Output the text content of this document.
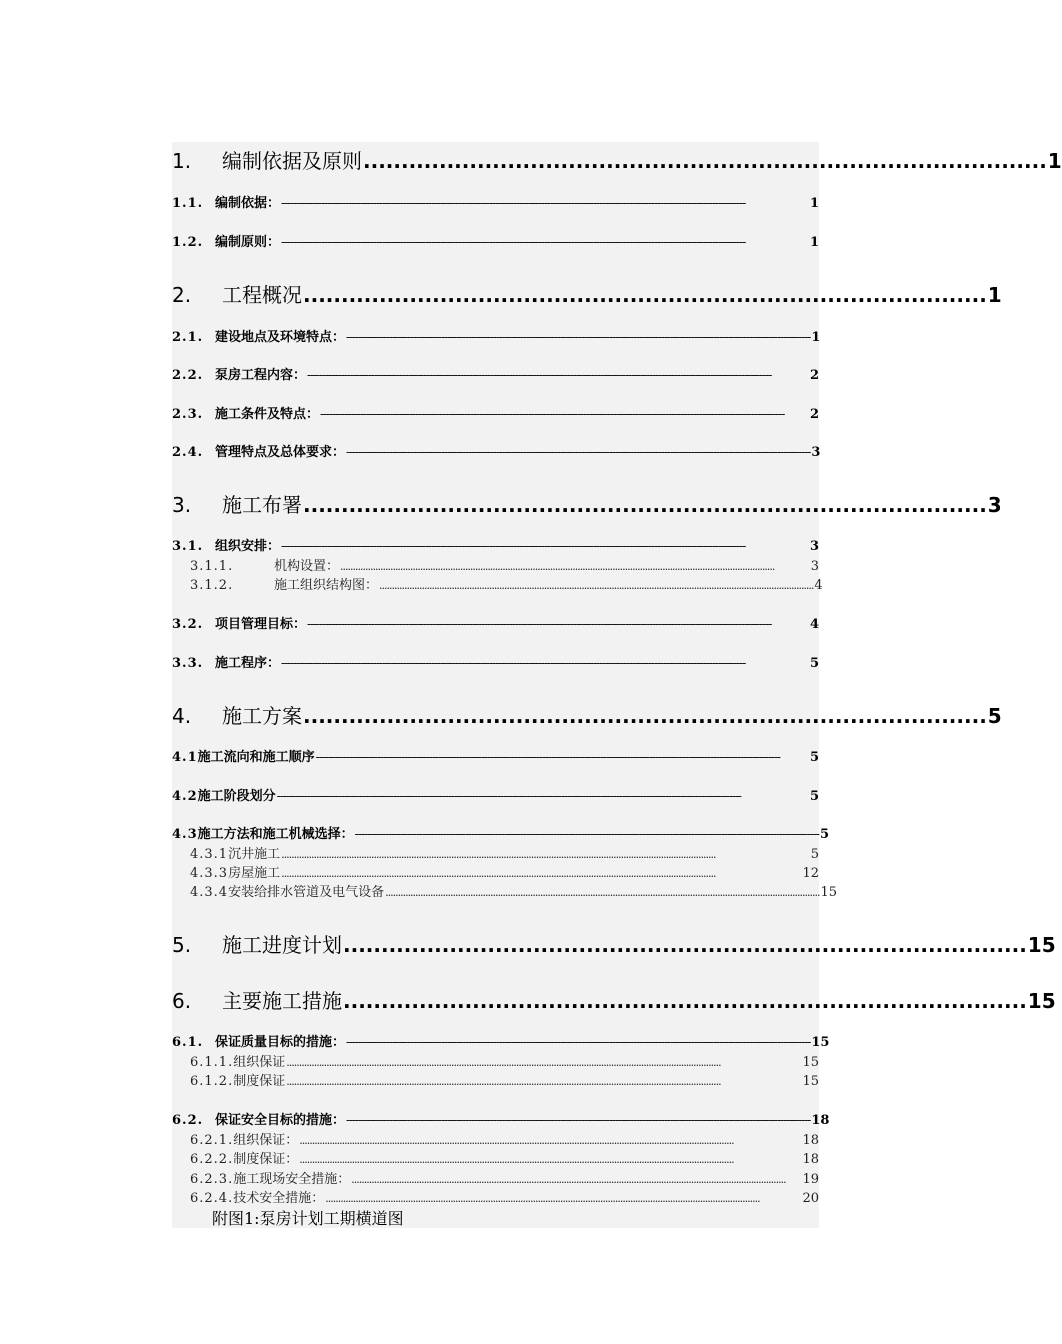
1.	编制依据及原则 .......................................................................................... 1
1.1. 编制依据： --------------------------------------------------------------------------------------------------------------------------------------------------------	1
1.2. 编制原则： --------------------------------------------------------------------------------------------------------------------------------------------------------	1
2.	工程概况 .......................................................................................... 1
2.1. 建设地点及环境特点： -------------------------------------------------------------------------------------------------------------------------------------------------------- 1
2.2. 泵房工程内容： --------------------------------------------------------------------------------------------------------------------------------------------------------	2
2.3. 施工条件及特点： --------------------------------------------------------------------------------------------------------------------------------------------------------	2
2.4. 管理特点及总体要求： -------------------------------------------------------------------------------------------------------------------------------------------------------- 3
3.	施工布署 .......................................................................................... 3
3.1. 组织安排： --------------------------------------------------------------------------------------------------------------------------------------------------------	3
3.1.1.	机构设置： ..............................................................................................................................................................................	3
3.1.2.	施工组织结构图： .............................................................................................................................................................................. 4
3.2. 项目管理目标： --------------------------------------------------------------------------------------------------------------------------------------------------------	4
3.3. 施工程序： --------------------------------------------------------------------------------------------------------------------------------------------------------	5
4.	施工方案 .......................................................................................... 5
4.1 施工流向和施工顺序 --------------------------------------------------------------------------------------------------------------------------------------------------------	5
4.2 施工阶段划分 --------------------------------------------------------------------------------------------------------------------------------------------------------	5
4.3 施工方法和施工机械选择： -------------------------------------------------------------------------------------------------------------------------------------------------------- 5
4.3.1 沉井施工 ..............................................................................................................................................................................	5
4.3.3 房屋施工 ..............................................................................................................................................................................	12
4.3.4 安装给排水管道及电气设备 .............................................................................................................................................................................. 15
5.	施工进度计划 .......................................................................................... 15
6.	主要施工措施 .......................................................................................... 15
6.1. 保证质量目标的措施： -------------------------------------------------------------------------------------------------------------------------------------------------------- 15
6.1.1. 组织保证 ..............................................................................................................................................................................	15
6.1.2. 制度保证 ..............................................................................................................................................................................	15
6.2. 保证安全目标的措施： -------------------------------------------------------------------------------------------------------------------------------------------------------- 18
6.2.1. 组织保证： ..............................................................................................................................................................................	18
6.2.2. 制度保证： ..............................................................................................................................................................................	18
6.2.3. 施工现场安全措施： ..............................................................................................................................................................................	19
6.2.4. 技术安全措施： ..............................................................................................................................................................................	20
附图1:泵房计划工期横道图
